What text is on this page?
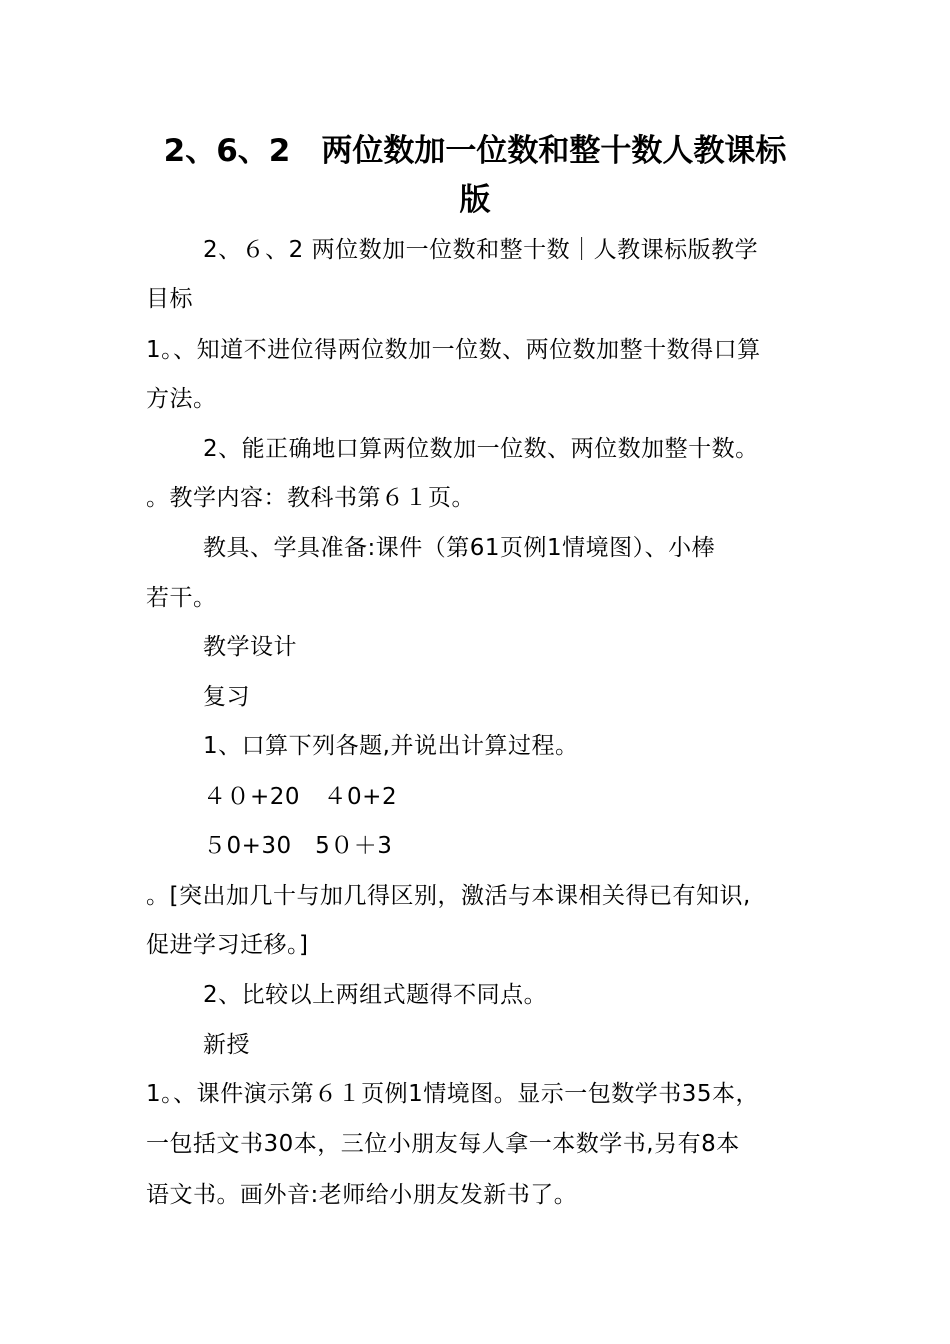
2、6、2　两位数加一位数和整十数人教课标
版
2、６、2 两位数加一位数和整十数｜人教课标版教学
目标
1。、知道不进位得两位数加一位数、两位数加整十数得口算
方法。
2、能正确地口算两位数加一位数、两位数加整十数。
。教学内容：教科书第６１页。
教具、学具准备:课件（第61页例1情境图）、小棒
若干。
教学设计
复习
1、口算下列各题,并说出计算过程。
４０+20　４0+2
５0+30　5０＋3
。[突出加几十与加几得区别，激活与本课相关得已有知识,
促进学习迁移。]
2、比较以上两组式题得不同点。
新授
1。、课件演示第６１页例1情境图。显示一包数学书35本，
一包括文书30本，三位小朋友每人拿一本数学书,另有8本
语文书。画外音:老师给小朋友发新书了。
